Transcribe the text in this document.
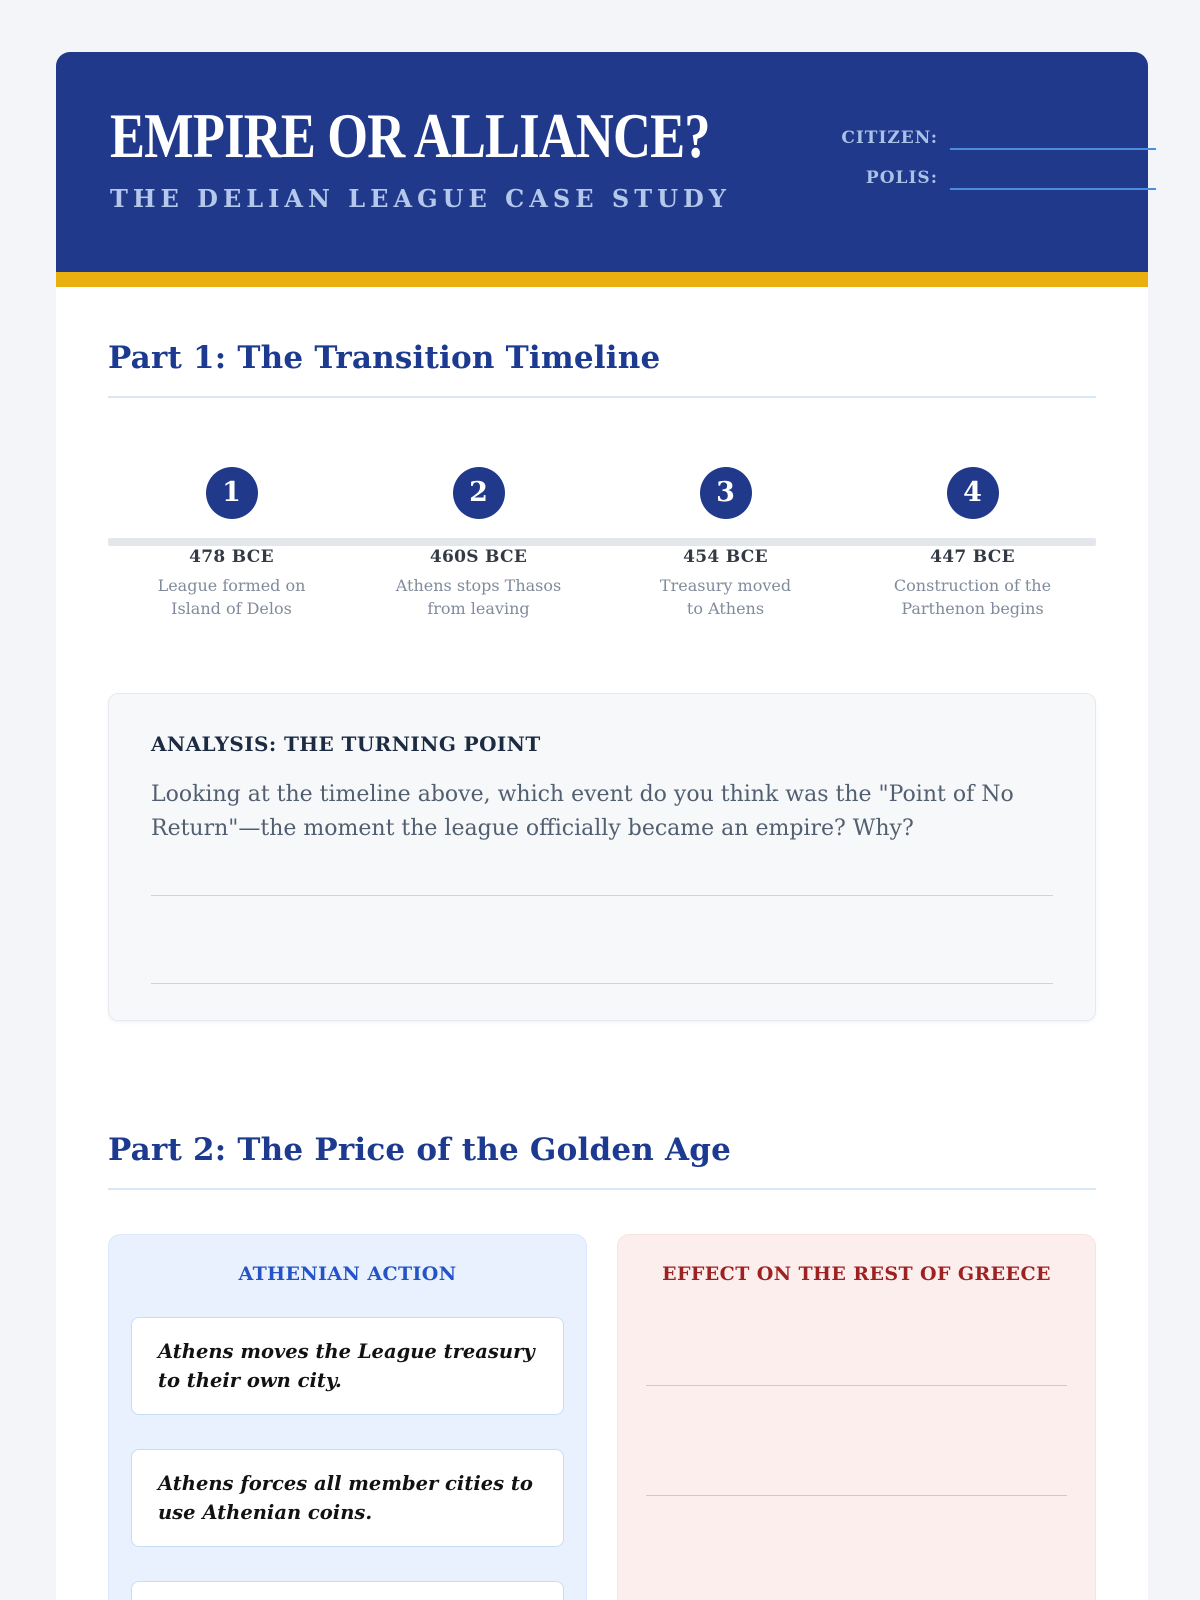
EMPIRE OR ALLIANCE?
THE DELIAN LEAGUE CASE STUDY
CITIZEN:
POLIS:
Part 1: The Transition Timeline
1
478 BCE
League formed on
Island of Delos
2
460S BCE
Athens stops Thasos
from leaving
3
454 BCE
Treasury moved
to Athens
4
447 BCE
Construction of the
Parthenon begins
ANALYSIS: THE TURNING POINT

Looking at the timeline above, which event do you think was the "Point of No Return"—the moment the league officially became an empire? Why?

Part 2: The Price of the Golden Age
ATHENIAN ACTION
Athens moves the League treasury to their own city.
Athens forces all member cities to use Athenian coins.
EFFECT ON THE REST OF GREECE
